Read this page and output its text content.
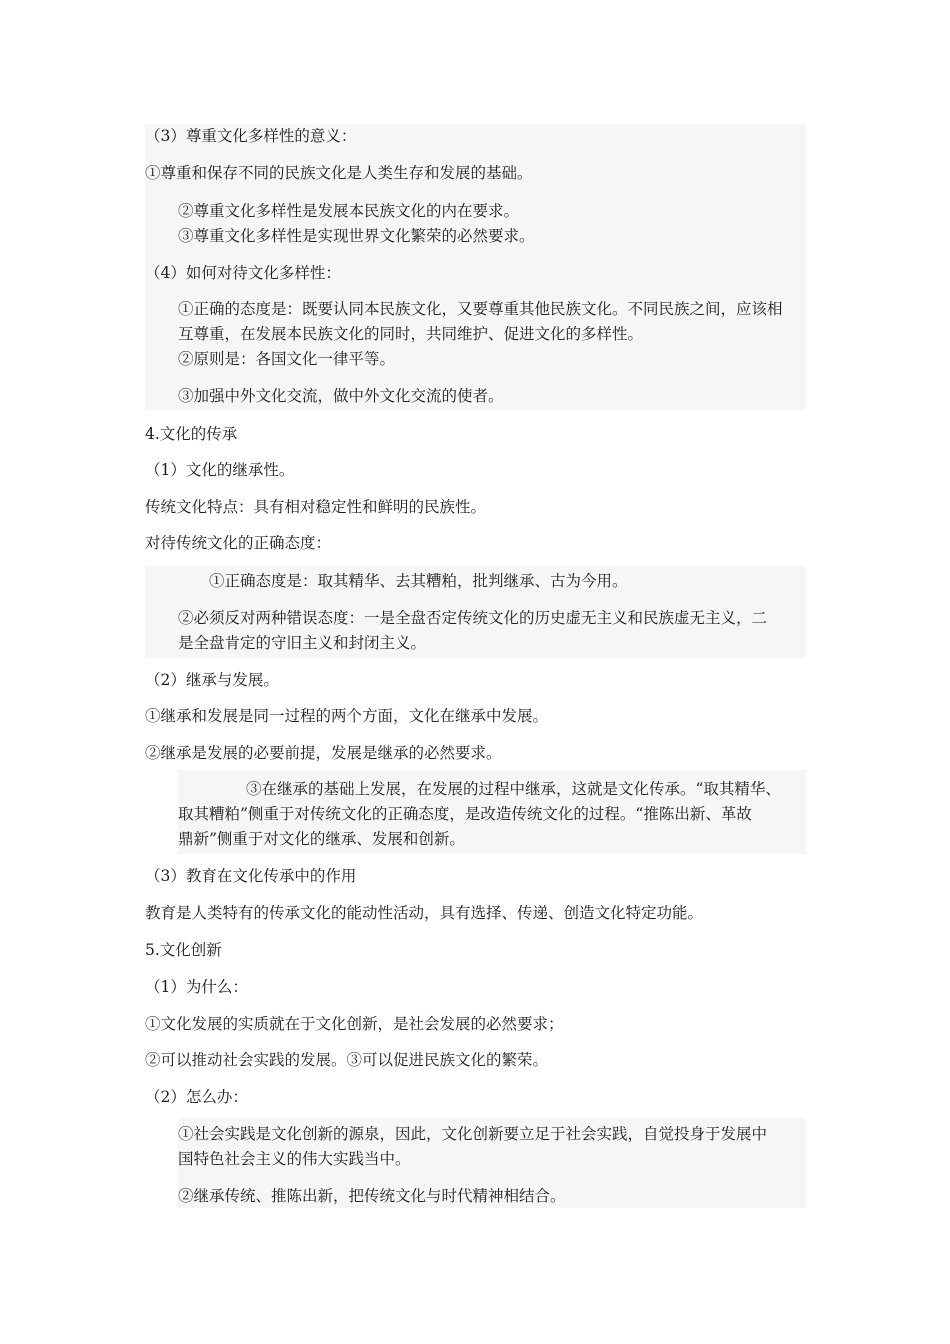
（3）尊重文化多样性的意义：
①尊重和保存不同的民族文化是人类生存和发展的基础。
②尊重文化多样性是发展本民族文化的内在要求。
③尊重文化多样性是实现世界文化繁荣的必然要求。
（4）如何对待文化多样性：
①正确的态度是：既要认同本民族文化，又要尊重其他民族文化。不同民族之间，应该相
互尊重，在发展本民族文化的同时，共同维护、促进文化的多样性。
②原则是：各国文化一律平等。
③加强中外文化交流，做中外文化交流的使者。
4.文化的传承
（1）文化的继承性。
传统文化特点：具有相对稳定性和鲜明的民族性。
对待传统文化的正确态度：
①正确态度是：取其精华、去其糟粕，批判继承、古为今用。
②必须反对两种错误态度：一是全盘否定传统文化的历史虚无主义和民族虚无主义，二
是全盘肯定的守旧主义和封闭主义。
（2）继承与发展。
①继承和发展是同一过程的两个方面，文化在继承中发展。
②继承是发展的必要前提，发展是继承的必然要求。
③在继承的基础上发展，在发展的过程中继承，这就是文化传承。“取其精华、
取其糟粕”侧重于对传统文化的正确态度，是改造传统文化的过程。“推陈出新、革故
鼎新”侧重于对文化的继承、发展和创新。
（3）教育在文化传承中的作用
教育是人类特有的传承文化的能动性活动，具有选择、传递、创造文化特定功能。
5.文化创新
（1）为什么：
①文化发展的实质就在于文化创新，是社会发展的必然要求；
②可以推动社会实践的发展。③可以促进民族文化的繁荣。
（2）怎么办：
①社会实践是文化创新的源泉，因此，文化创新要立足于社会实践，自觉投身于发展中
国特色社会主义的伟大实践当中。
②继承传统、推陈出新，把传统文化与时代精神相结合。
